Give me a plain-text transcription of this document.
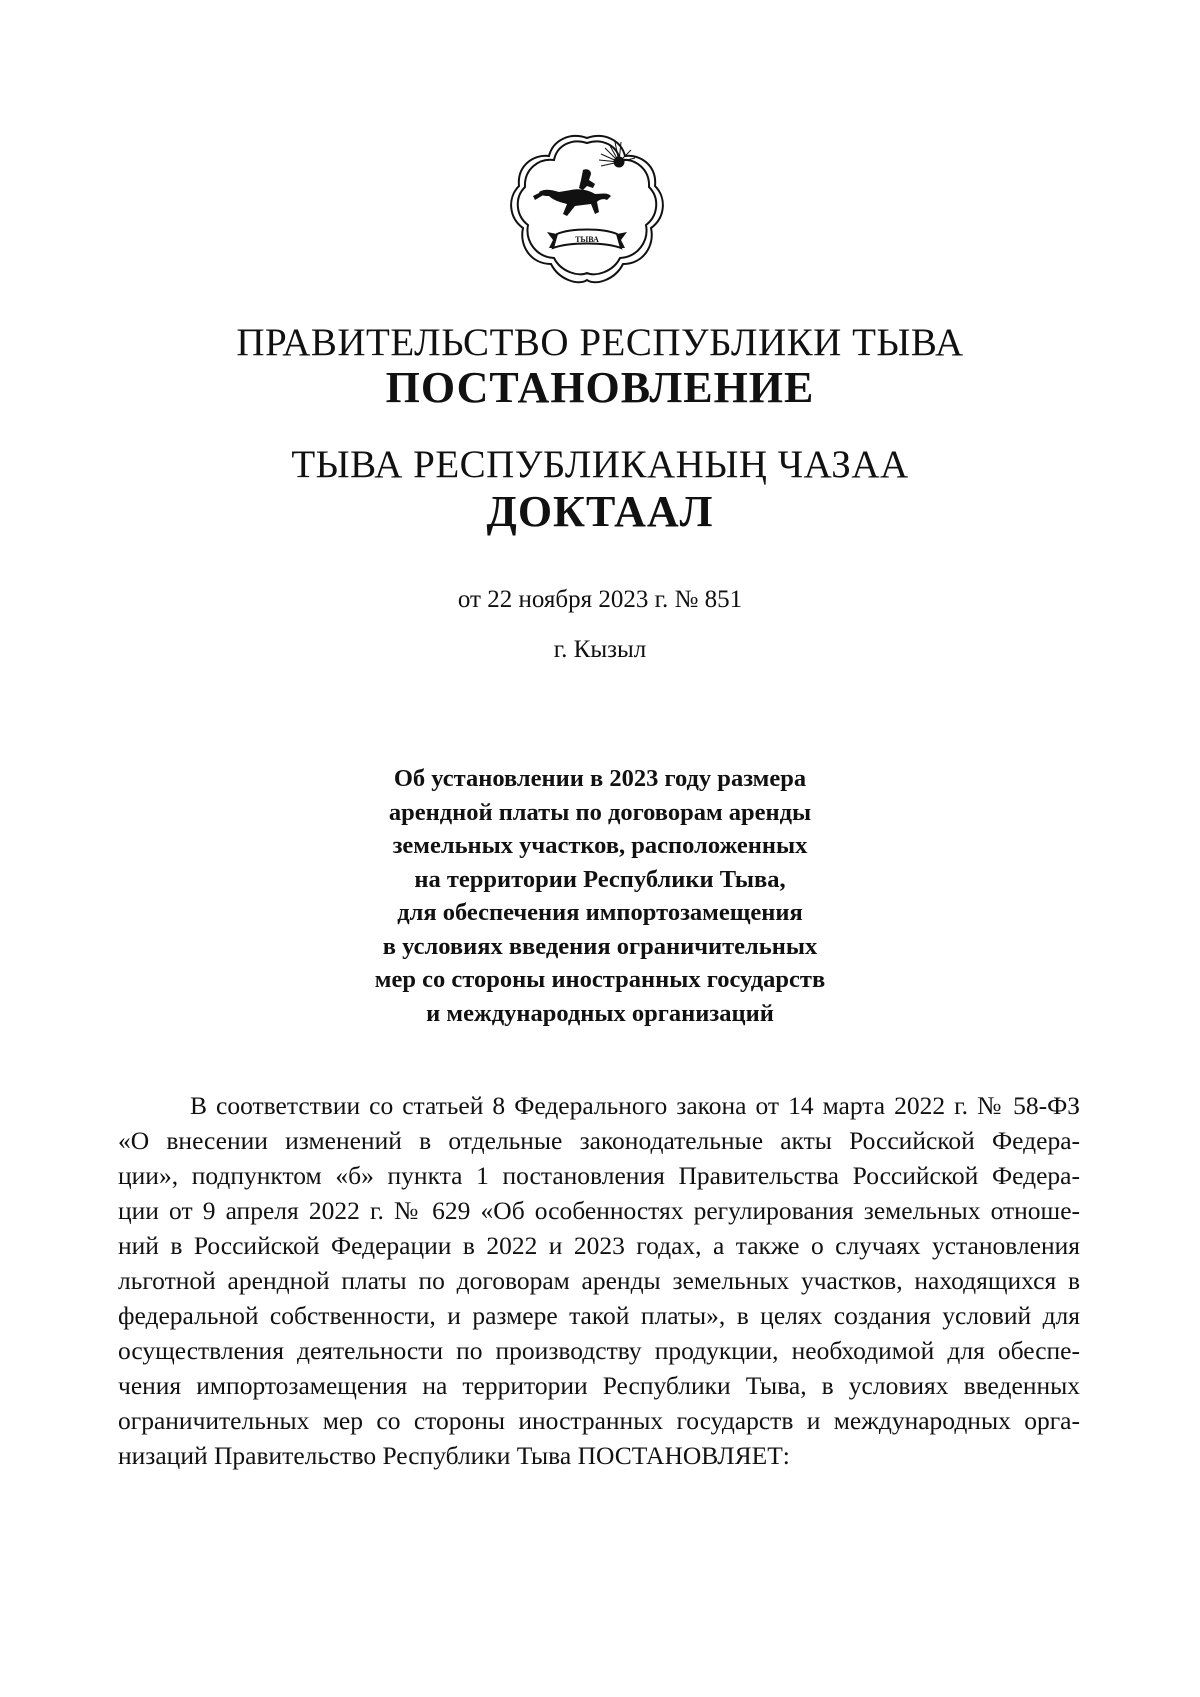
ТЫВА
ПРАВИТЕЛЬСТВО РЕСПУБЛИКИ ТЫВА
ПОСТАНОВЛЕНИЕ
ТЫВА РЕСПУБЛИКАНЫҢ ЧАЗАА
ДОКТААЛ
от 22 ноября 2023 г. № 851
г. Кызыл
Об установлении в 2023 году размера
арендной платы по договорам аренды
земельных участков, расположенных
на территории Республики Тыва,
для обеспечения импортозамещения
в условиях введения ограничительных
мер со стороны иностранных государств
и международных организаций
В соответствии со статьей 8 Федерального закона от 14 марта 2022 г. № 58-ФЗ
«О внесении изменений в отдельные законодательные акты Российской Федера-
ции», подпунктом «б» пункта 1 постановления Правительства Российской Федера-
ции от 9 апреля 2022 г. № 629 «Об особенностях регулирования земельных отноше-
ний в Российской Федерации в 2022 и 2023 годах, а также о случаях установления
льготной арендной платы по договорам аренды земельных участков, находящихся в
федеральной собственности, и размере такой платы», в целях создания условий для
осуществления деятельности по производству продукции, необходимой для обеспе-
чения импортозамещения на территории Республики Тыва, в условиях введенных
ограничительных мер со стороны иностранных государств и международных орга-
низаций Правительство Республики Тыва ПОСТАНОВЛЯЕТ:
